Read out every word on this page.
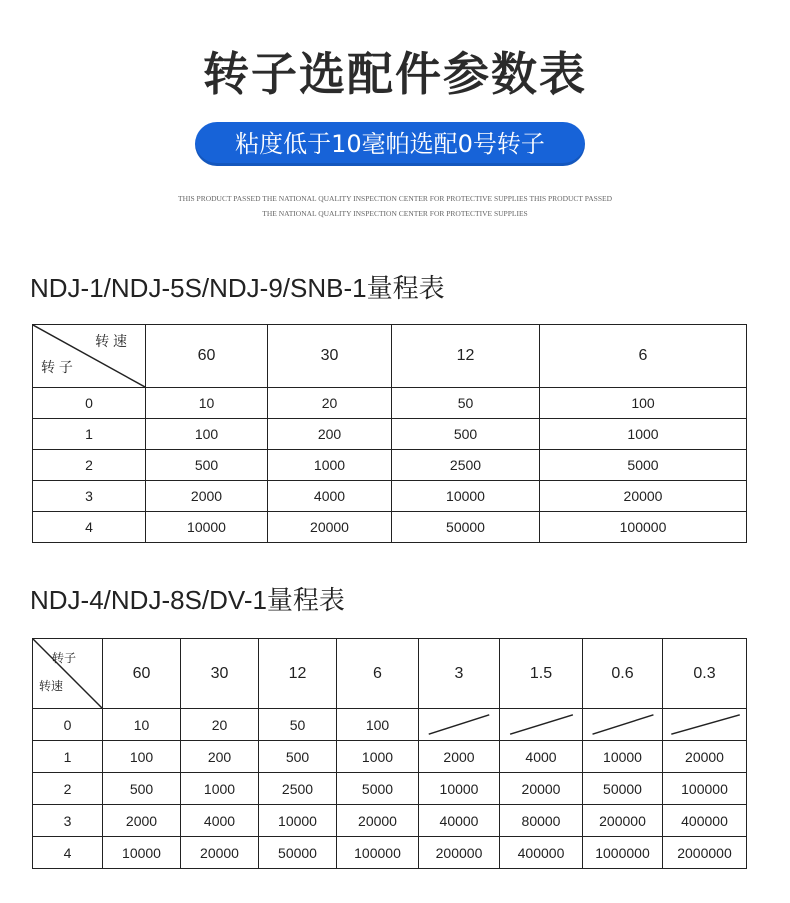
转子选配件参数表
粘度低于10毫帕选配0号转子
THIS PRODUCT PASSED THE NATIONAL QUALITY INSPECTION CENTER FOR PROTECTIVE SUPPLIES THIS PRODUCT PASSED
THE NATIONAL QUALITY INSPECTION CENTER FOR PROTECTIVE SUPPLIES
NDJ-1/NDJ-5S/NDJ-9/SNB-1量程表
转 速
转 子	60	30	12	6
0	10	20	50	100
1	100	200	500	1000
2	500	1000	2500	5000
3	2000	4000	10000	20000
4	10000	20000	50000	100000
NDJ-4/NDJ-8S/DV-1量程表
转子
转速	60	30	12	6	3	1.5	0.6	0.3
0	10	20	50	100	

1	100	200	500	1000	2000	4000	10000	20000
2	500	1000	2500	5000	10000	20000	50000	100000
3	2000	4000	10000	20000	40000	80000	200000	400000
4	10000	20000	50000	100000	200000	400000	1000000	2000000
